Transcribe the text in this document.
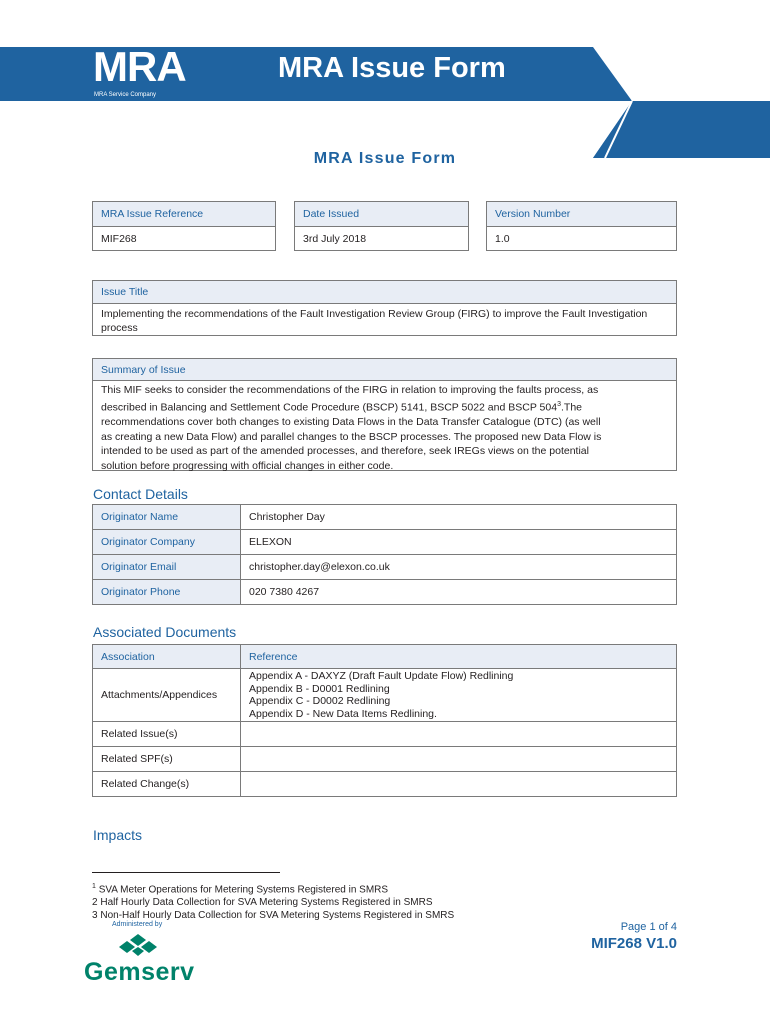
MRA
MRA Service Company
MRA Issue Form
MRA Issue Form
MRA Issue Reference
MIF268
Date Issued
3rd July 2018
Version Number
1.0
Issue Title
Implementing the recommendations of the Fault Investigation Review Group (FIRG) to improve the Fault Investigation process
Summary of Issue
This MIF seeks to consider the recommendations of the FIRG in relation to improving the faults process, as
described in Balancing and Settlement Code Procedure (BSCP) 5141, BSCP 5022 and BSCP $504^3.The$
recommendations cover both changes to existing Data Flows in the Data Transfer Catalogue (DTC) (as well
as creating a new Data Flow) and parallel changes to the BSCP processes. The proposed new Data Flow is
intended to be used as part of the amended processes, and therefore, seek IREGs views on the potential
solution before progressing with official changes in either code.
Contact Details
Originator Name	Christopher Day
Originator Company	ELEXON
Originator Email	christopher.day@elexon.co.uk
Originator Phone	020 7380 4267
Associated Documents
Association	Reference
Attachments/Appendices	Appendix A - DAXYZ (Draft Fault Update Flow) Redlining
Appendix B - D0001 Redlining
Appendix C - D0002 Redlining
Appendix D - New Data Items Redlining.

Related Issue(s)	
Related SPF(s)	
Related Change(s)	
Impacts
$^1$ SVA Meter Operations for Metering Systems Registered in SMRS
2 Half Hourly Data Collection for SVA Metering Systems Registered in SMRS
3 Non-Half Hourly Data Collection for SVA Metering Systems Registered in SMRS
Administered by
Gemserv
Page 1 of 4
MIF268 V1.0
